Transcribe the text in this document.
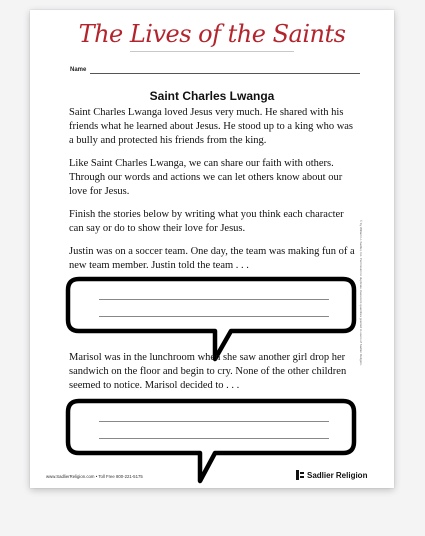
The Lives of the Saints
Name
Saint Charles Lwanga

Saint Charles Lwanga loved Jesus very much. He shared with his friends what he learned about Jesus. He stood up to a king who was a bully and protected his friends from the king.

Like Saint Charles Lwanga, we can share our faith with others. Through our words and actions we can let others know about our love for Jesus.

Finish the stories below by writing what you think each character can say or do to show their love for Jesus.

Justin was on a soccer team. One day, the team was making fun of a new team member. Justin told the team . . .

Marisol was in the lunchroom when she saw another girl drop her sandwich on the floor and begin to cry. None of the other children seemed to notice. Marisol decided to . . .

www.SadlierReligion.com • Toll Free 800-221-5175	Sadlier Religion
© by William H. Sadlier, Inc. Permission to duplicate classroom quantities granted to users of Sadlier Religion.
